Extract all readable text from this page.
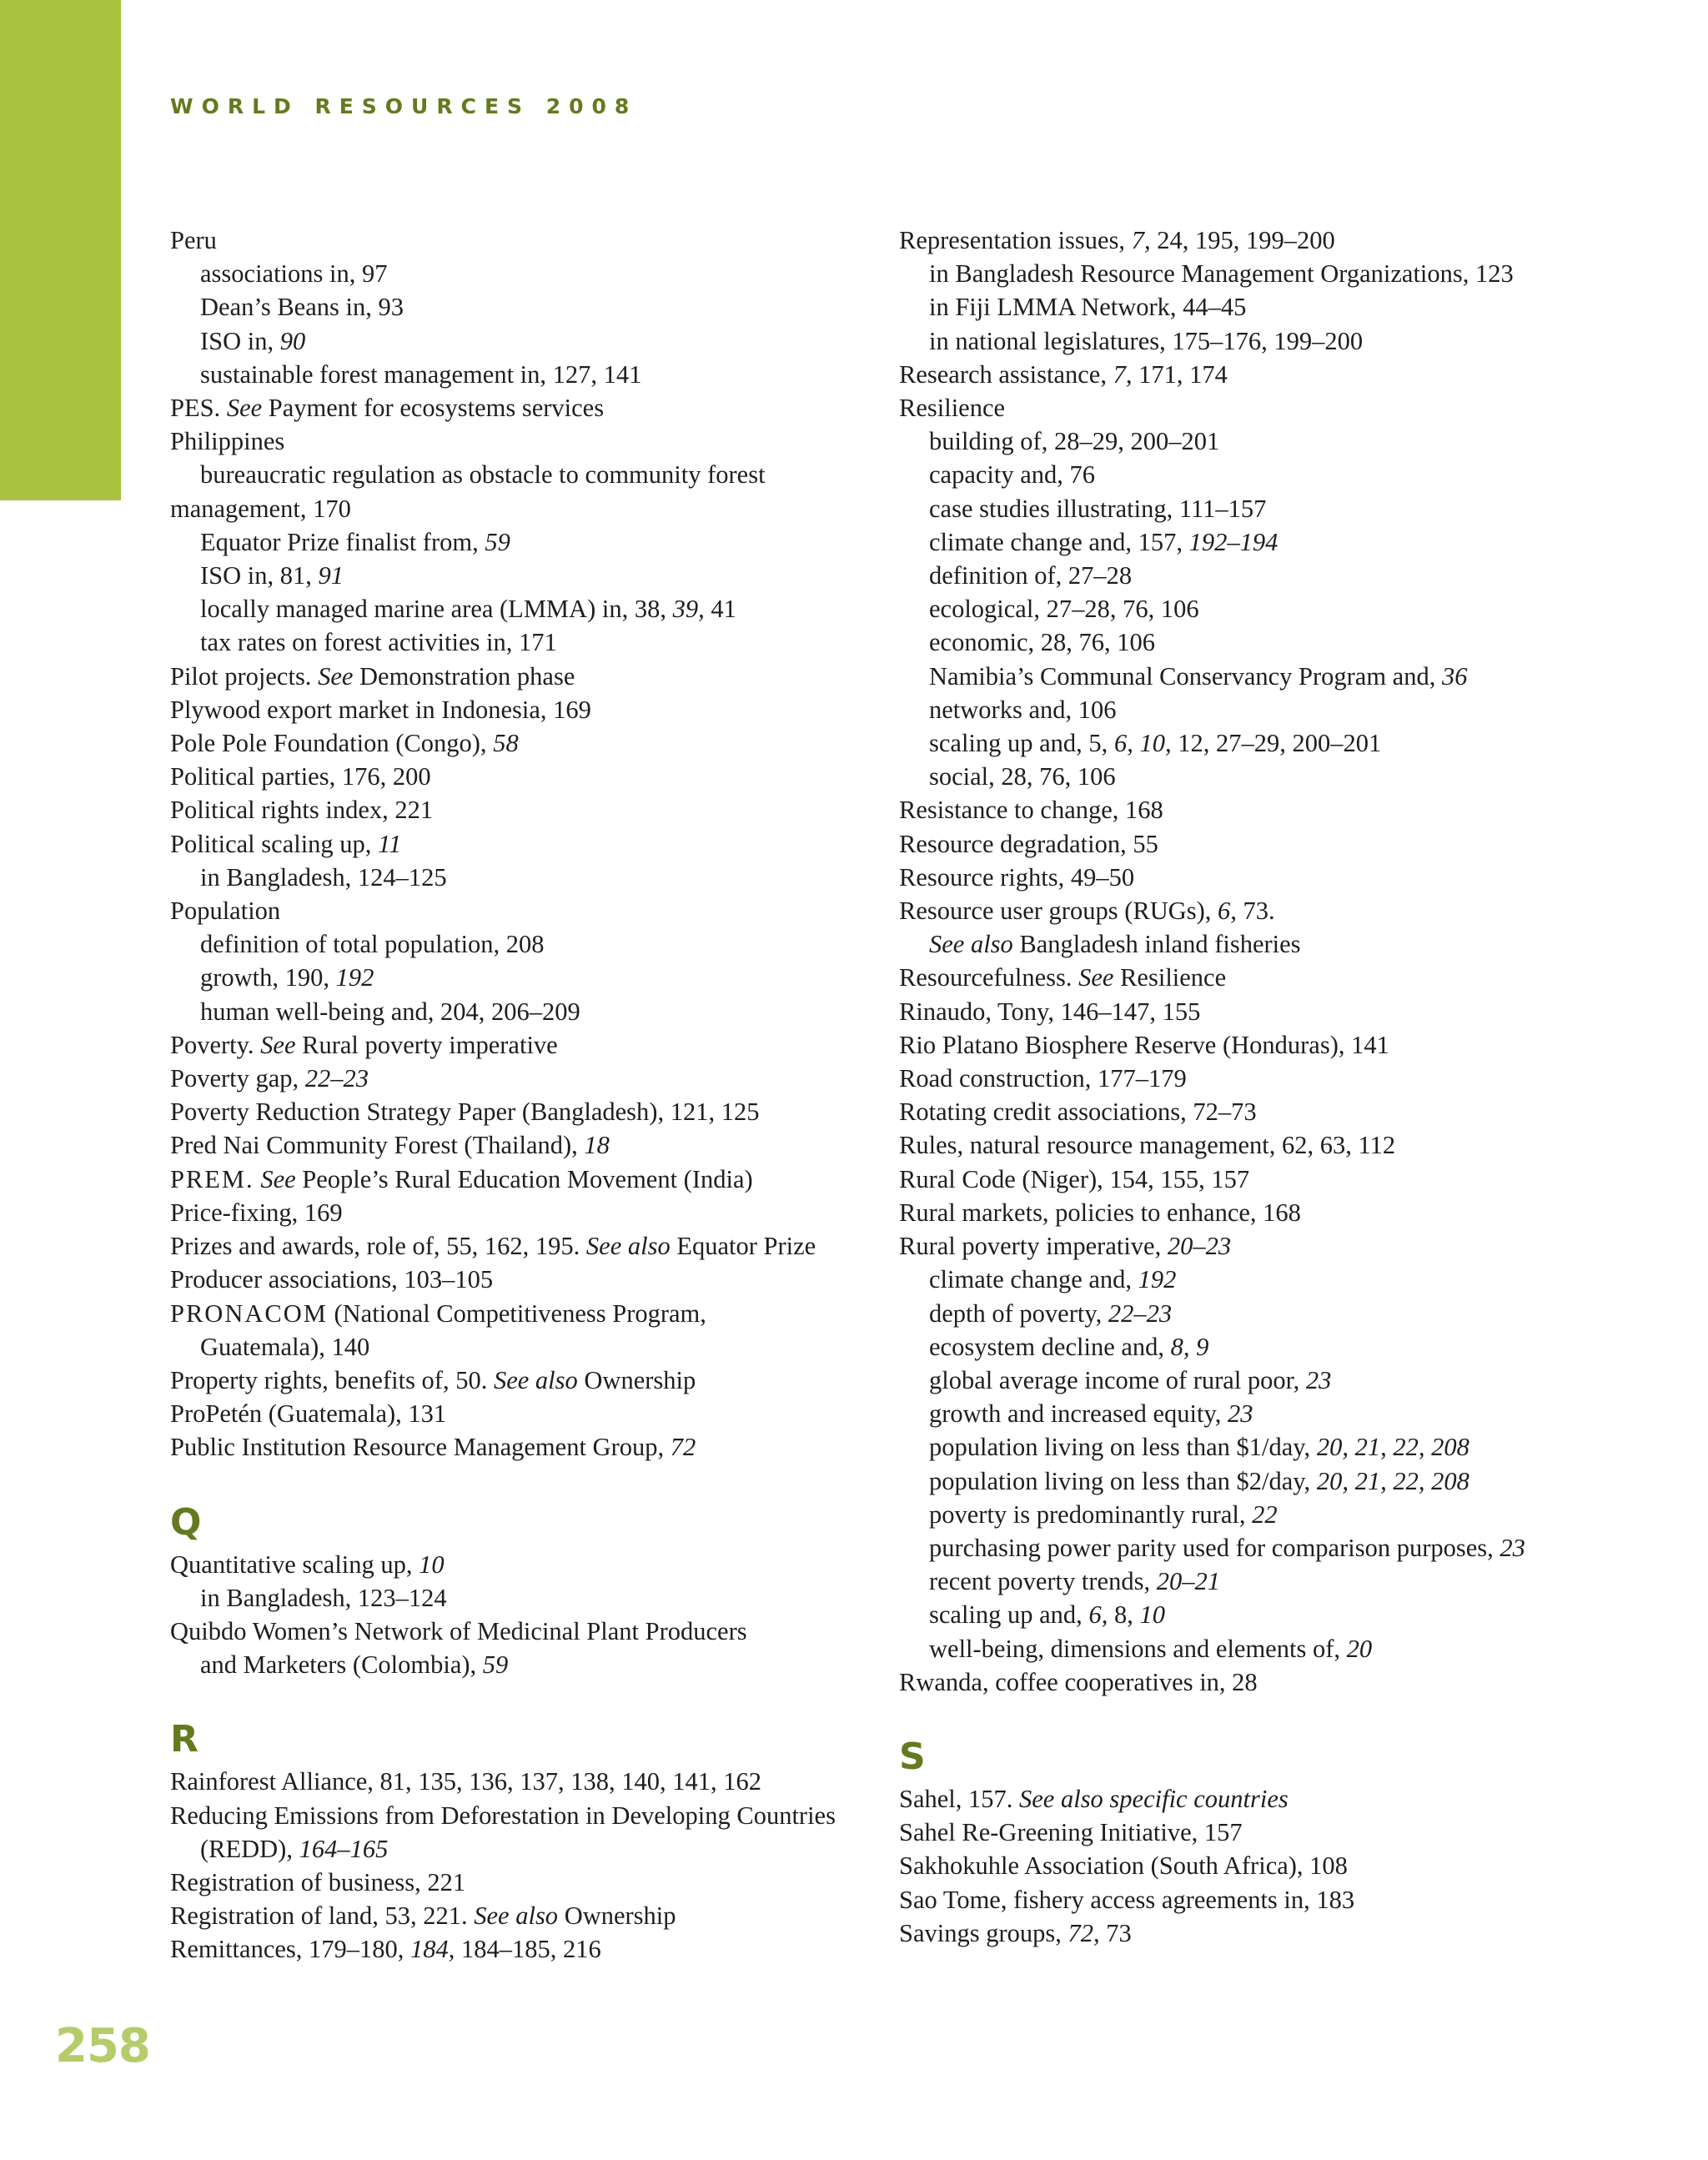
WORLD RESOURCES 2008
Peru
associations in, 97
Dean’s Beans in, 93
ISO in, 90
sustainable forest management in, 127, 141
PES. See Payment for ecosystems services
Philippines
bureaucratic regulation as obstacle to community forest
management, 170
Equator Prize finalist from, 59
ISO in, 81, 91
locally managed marine area (LMMA) in, 38, 39, 41
tax rates on forest activities in, 171
Pilot projects. See Demonstration phase
Plywood export market in Indonesia, 169
Pole Pole Foundation (Congo), 58
Political parties, 176, 200
Political rights index, 221
Political scaling up, 11
in Bangladesh, 124–125
Population
definition of total population, 208
growth, 190, 192
human well-being and, 204, 206–209
Poverty. See Rural poverty imperative
Poverty gap, 22–23
Poverty Reduction Strategy Paper (Bangladesh), 121, 125
Pred Nai Community Forest (Thailand), 18
PREM. See People’s Rural Education Movement (India)
Price-fixing, 169
Prizes and awards, role of, 55, 162, 195. See also Equator Prize
Producer associations, 103–105
PRONACOM (National Competitiveness Program,
Guatemala), 140
Property rights, benefits of, 50. See also Ownership
ProPetén (Guatemala), 131
Public Institution Resource Management Group, 72
Q
Quantitative scaling up, 10
in Bangladesh, 123–124
Quibdo Women’s Network of Medicinal Plant Producers
and Marketers (Colombia), 59
R
Rainforest Alliance, 81, 135, 136, 137, 138, 140, 141, 162
Reducing Emissions from Deforestation in Developing Countries
(REDD), 164–165
Registration of business, 221
Registration of land, 53, 221. See also Ownership
Remittances, 179–180, 184, 184–185, 216
Representation issues, 7, 24, 195, 199–200
in Bangladesh Resource Management Organizations, 123
in Fiji LMMA Network, 44–45
in national legislatures, 175–176, 199–200
Research assistance, 7, 171, 174
Resilience
building of, 28–29, 200–201
capacity and, 76
case studies illustrating, 111–157
climate change and, 157, 192–194
definition of, 27–28
ecological, 27–28, 76, 106
economic, 28, 76, 106
Namibia’s Communal Conservancy Program and, 36
networks and, 106
scaling up and, 5, 6, 10, 12, 27–29, 200–201
social, 28, 76, 106
Resistance to change, 168
Resource degradation, 55
Resource rights, 49–50
Resource user groups (RUGs), 6, 73.
See also Bangladesh inland fisheries
Resourcefulness. See Resilience
Rinaudo, Tony, 146–147, 155
Rio Platano Biosphere Reserve (Honduras), 141
Road construction, 177–179
Rotating credit associations, 72–73
Rules, natural resource management, 62, 63, 112
Rural Code (Niger), 154, 155, 157
Rural markets, policies to enhance, 168
Rural poverty imperative, 20–23
climate change and, 192
depth of poverty, 22–23
ecosystem decline and, 8, 9
global average income of rural poor, 23
growth and increased equity, 23
population living on less than $1/day, 20, 21, 22, 208
population living on less than $2/day, 20, 21, 22, 208
poverty is predominantly rural, 22
purchasing power parity used for comparison purposes, 23
recent poverty trends, 20–21
scaling up and, 6, 8, 10
well-being, dimensions and elements of, 20
Rwanda, coffee cooperatives in, 28
S
Sahel, 157. See also specific countries
Sahel Re-Greening Initiative, 157
Sakhokuhle Association (South Africa), 108
Sao Tome, fishery access agreements in, 183
Savings groups, 72, 73
258
